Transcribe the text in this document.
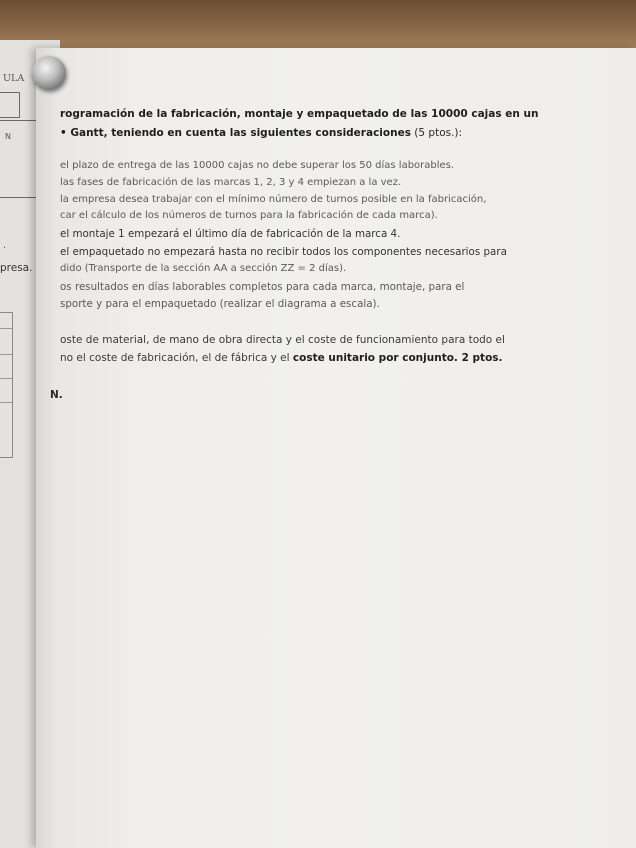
ULA
N
.
presa.
rogramación de la fabricación, montaje y empaquetado de las 10000 cajas en un
• Gantt, teniendo en cuenta las siguientes consideraciones (5 ptos.):
el plazo de entrega de las 10000 cajas no debe superar los 50 días laborables.
las fases de fabricación de las marcas 1, 2, 3 y 4 empiezan a la vez.
la empresa desea trabajar con el mínimo número de turnos posible en la fabricación,
car el cálculo de los números de turnos para la fabricación de cada marca).
el montaje 1 empezará el último día de fabricación de la marca 4.
el empaquetado no empezará hasta no recibir todos los componentes necesarios para
dido (Transporte de la sección AA a sección ZZ = 2 días).
os resultados en días laborables completos para cada marca, montaje, para el
sporte y para el empaquetado (realizar el diagrama a escala).
oste de material, de mano de obra directa y el coste de funcionamiento para todo el
no el coste de fabricación, el de fábrica y el coste unitario por conjunto. 2 ptos.
N.
